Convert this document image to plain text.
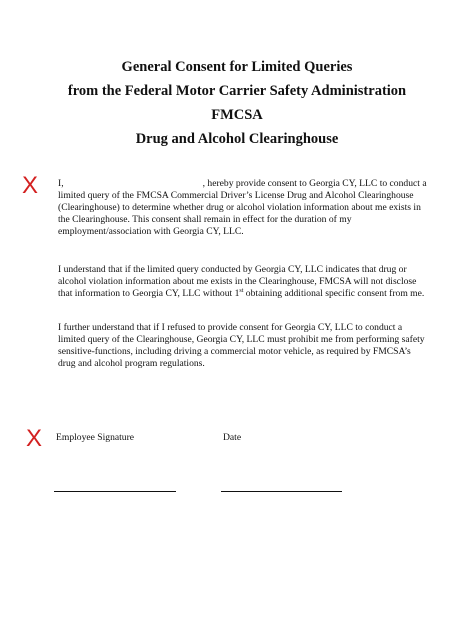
General Consent for Limited Queries
from the Federal Motor Carrier Safety Administration
FMCSA
Drug and Alcohol Clearinghouse
X
X
I,	, hereby provide consent to Georgia CY, LLC to conduct a
limited query of the FMCSA Commercial Driver’s License Drug and Alcohol Clearinghouse
(Clearinghouse) to determine whether drug or alcohol violation information about me exists in
the Clearinghouse. This consent shall remain in effect for the duration of my
employment/association with Georgia CY, LLC.
I understand that if the limited query conducted by Georgia CY, LLC indicates that drug or
alcohol violation information about me exists in the Clearinghouse, FMCSA will not disclose
that information to Georgia CY, LLC without 1st obtaining additional specific consent from me.
I further understand that if I refused to provide consent for Georgia CY, LLC to conduct a
limited query of the Clearinghouse, Georgia CY, LLC must prohibit me from performing safety
sensitive-functions, including driving a commercial motor vehicle, as required by FMCSA’s
drug and alcohol program regulations.
Employee Signature	Date
